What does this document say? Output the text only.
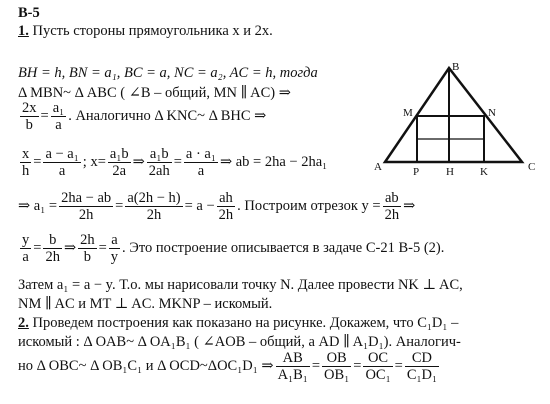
В-5
1. Пусть стороны прямоугольника x и 2x.
BH = h, BN = a₁, BC = a, NC = a₂, AC = h, тогда
Δ MBN~ Δ ABC ( ∠B – общий, MN ∥ AC) ⇒
$\frac{2x}{b} = \frac{\text{a₁}}{a}$ . Аналогично Δ KNC~ Δ BHC ⇒
$\frac{x}{h} = \frac{\text{a − a₁}}{a}$ ; $x= \frac{\text{a₁b}}{2a}$ ⇒ $\frac{\text{a₁b}}{2ah} = \frac{\text{a · a₁}}{a}$ ⇒ ab = 2ha − 2ha₁
⇒ $a_1 = \frac{2ha - ab}{2h} = \frac{a(2h - h)}{2h} = a - \frac{ah}{2h}$ . Построим отрезок $y = \frac{ab}{2h}$ ⇒
$\frac{y}{a} = \frac{b}{2h}$ ⇒ $\frac{2h}{b} = \frac{a}{y}$ . Это построение описывается в задаче С-21 В-5 (2).
Затем a₁ = a − y. Т.о. мы нарисовали точку N. Далее провести NK ⊥ AC,
NM ∥ AC и MT ⊥ AC. MKNP – искомый.
2. Проведем построения как показано на рисунке. Докажем, что C₁D₁ –
искомый : Δ OAB~ Δ OA₁B₁ ( ∠AOB – общий, а AD ∥ A₁D₁). Аналогич-
но Δ OBC~ Δ OB₁C₁ и Δ OCD~ΔOC₁D₁ ⇒ $\frac{AB}{\text{A₁B₁}} = \frac{OB}{\text{OB₁}} = \frac{OC}{\text{OC₁}} = \frac{CD}{\text{C₁D₁}}$
B
M	N
A	P H K	C
